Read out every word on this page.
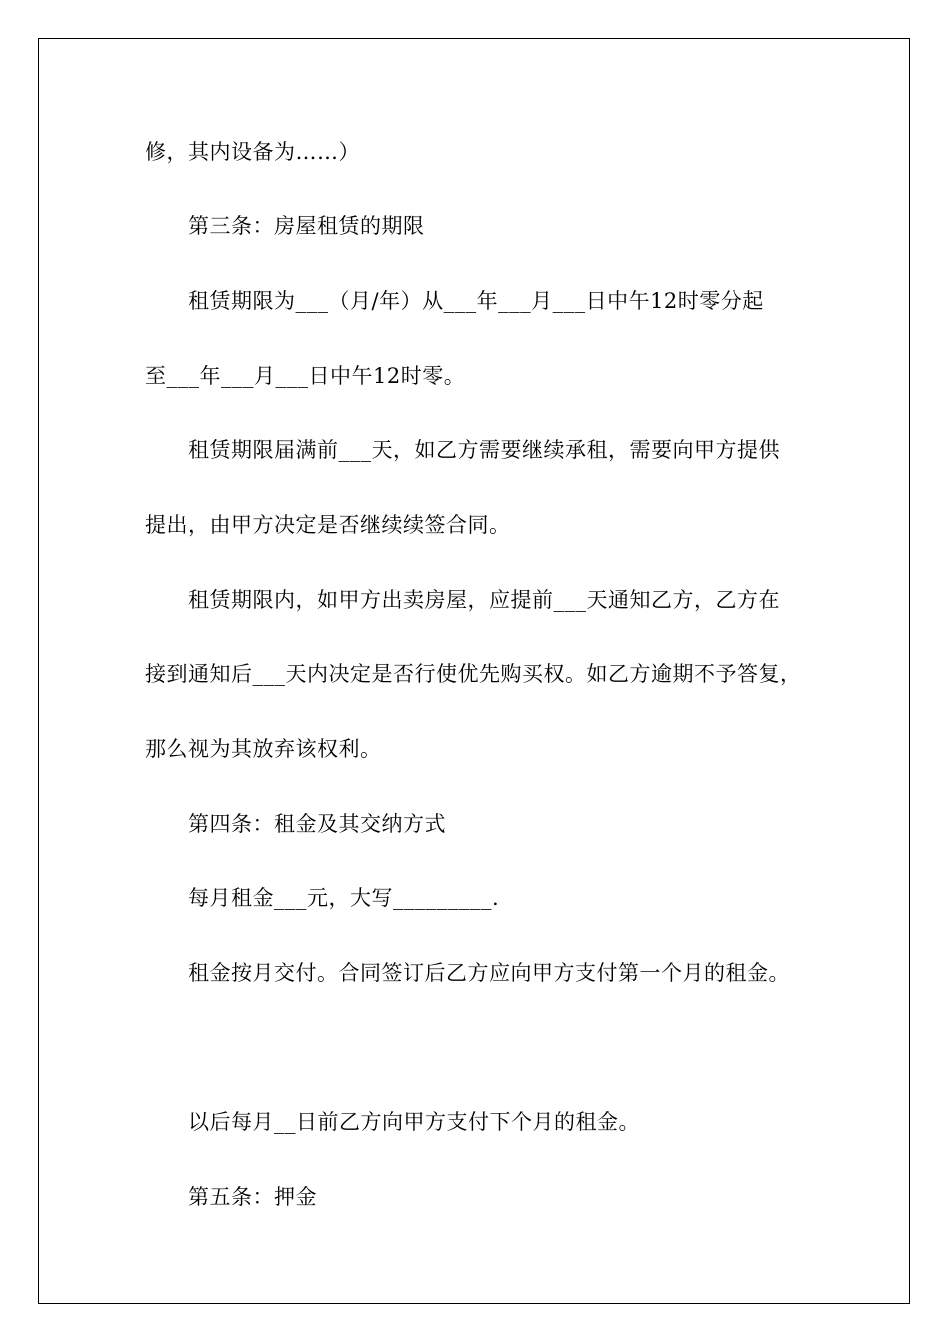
修，其内设备为……）
第三条：房屋租赁的期限
租赁期限为___（月/年）从___年___月___日中午12时零分起
至___年___月___日中午12时零。
租赁期限届满前___天，如乙方需要继续承租，需要向甲方提供
提出，由甲方决定是否继续续签合同。
租赁期限内，如甲方出卖房屋，应提前___天通知乙方，乙方在
接到通知后___天内决定是否行使优先购买权。如乙方逾期不予答复，
那么视为其放弃该权利。
第四条：租金及其交纳方式
每月租金___元，大写_________.
租金按月交付。合同签订后乙方应向甲方支付第一个月的租金。
以后每月__日前乙方向甲方支付下个月的租金。
第五条：押金
